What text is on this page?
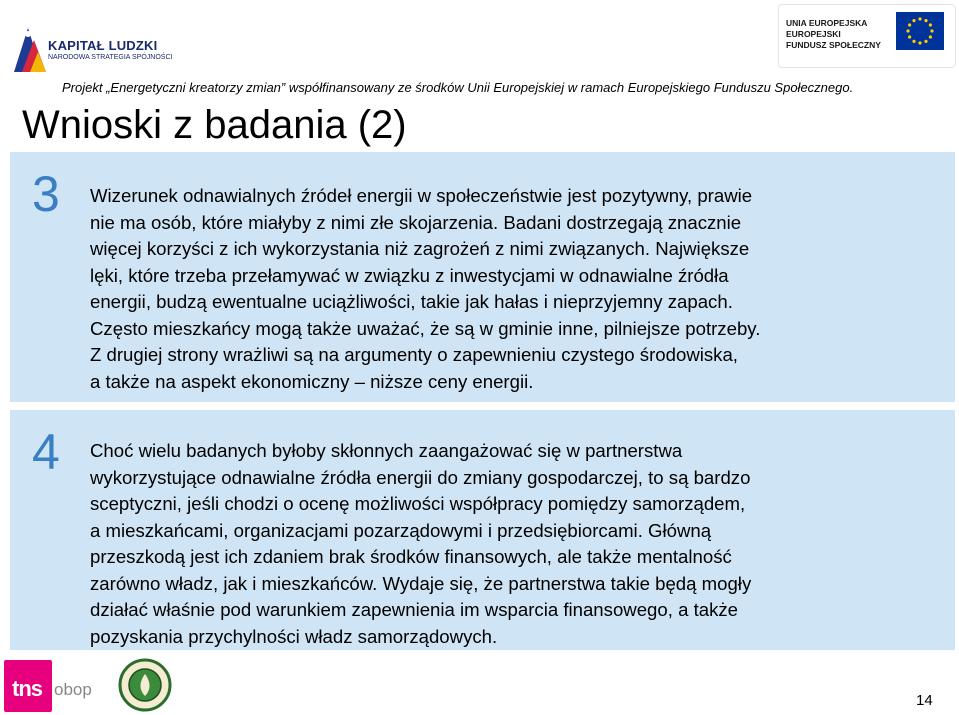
KAPITAŁ LUDZKI
NARODOWA STRATEGIA SPÓJNOŚCI
UNIA EUROPEJSKA
EUROPEJSKI
FUNDUSZ SPOŁECZNY
Projekt „Energetyczni kreatorzy zmian” współfinansowany ze środków Unii Europejskiej w ramach Europejskiego Funduszu Społecznego.
Wnioski z badania (2)
3 Wizerunek odnawialnych źródeł energii w społeczeństwie jest pozytywny, prawie
nie ma osób, które miałyby z nimi złe skojarzenia. Badani dostrzegają znacznie
więcej korzyści z ich wykorzystania niż zagrożeń z nimi związanych. Największe
lęki, które trzeba przełamywać w związku z inwestycjami w odnawialne źródła
energii, budzą ewentualne uciążliwości, takie jak hałas i nieprzyjemny zapach.
Często mieszkańcy mogą także uważać, że są w gminie inne, pilniejsze potrzeby.
Z drugiej strony wrażliwi są na argumenty o zapewnieniu czystego środowiska,
a także na aspekt ekonomiczny – niższe ceny energii.
4 Choć wielu badanych byłoby skłonnych zaangażować się w partnerstwa
wykorzystujące odnawialne źródła energii do zmiany gospodarczej, to są bardzo
sceptyczni, jeśli chodzi o ocenę możliwości współpracy pomiędzy samorządem,
a mieszkańcami, organizacjami pozarządowymi i przedsiębiorcami. Główną
przeszkodą jest ich zdaniem brak środków finansowych, ale także mentalność
zarówno władz, jak i mieszkańców. Wydaje się, że partnerstwa takie będą mogły
działać właśnie pod warunkiem zapewnienia im wsparcia finansowego, a także
pozyskania przychylności władz samorządowych.
tns obop
14
